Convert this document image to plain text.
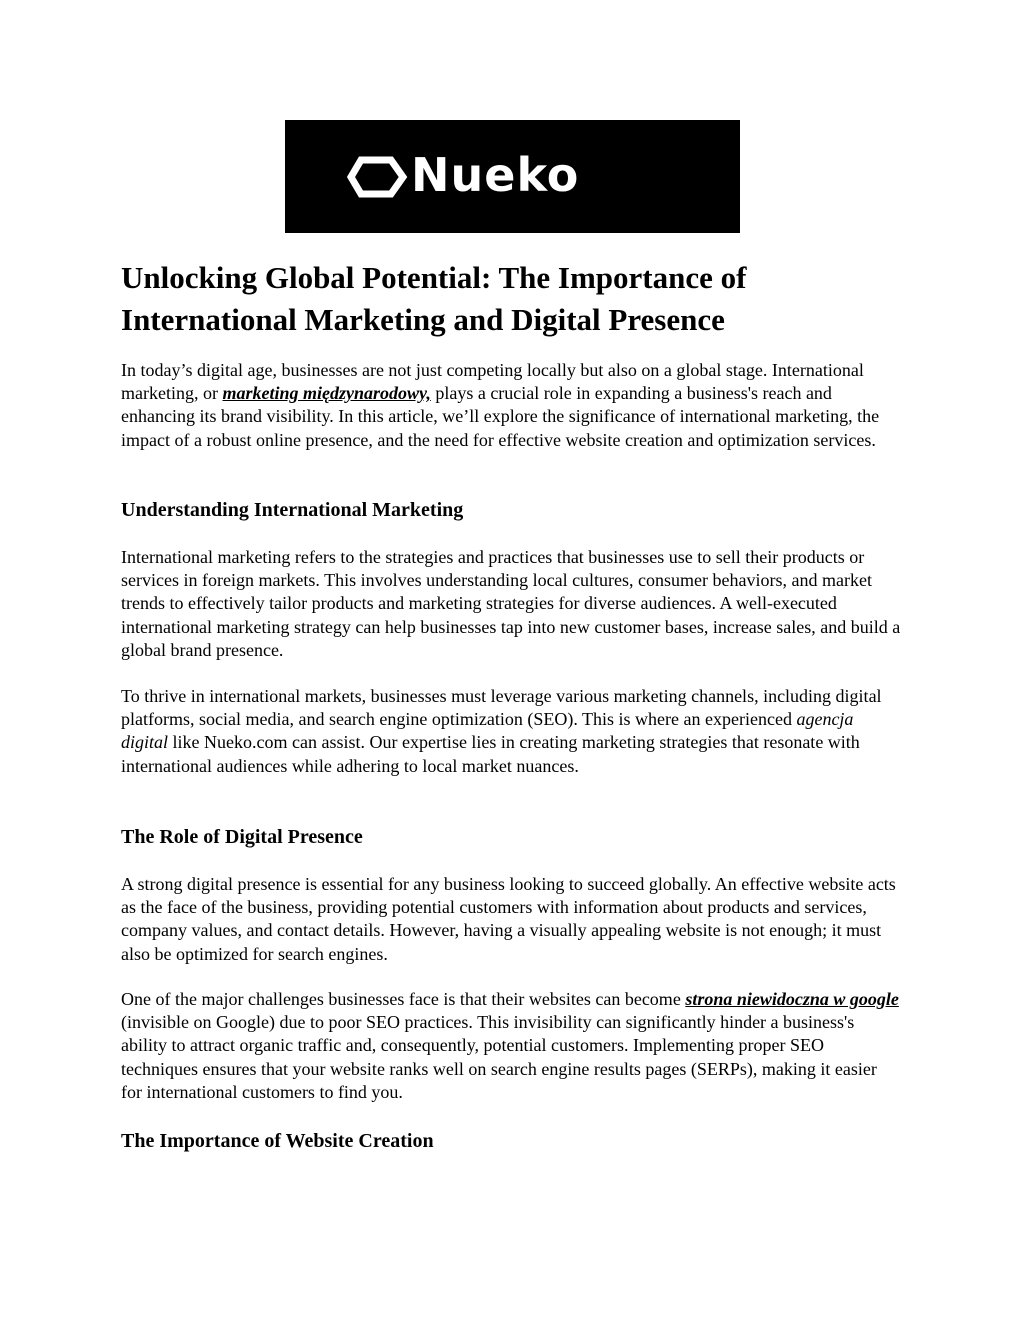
Nueko
Unlocking Global Potential: The Importance of International Marketing and Digital Presence

In today’s digital age, businesses are not just competing locally but also on a global stage. International marketing, or marketing międzynarodowy, plays a crucial role in expanding a business's reach and enhancing its brand visibility. In this article, we’ll explore the significance of international marketing, the impact of a robust online presence, and the need for effective website creation and optimization services.

Understanding International Marketing

International marketing refers to the strategies and practices that businesses use to sell their products or services in foreign markets. This involves understanding local cultures, consumer behaviors, and market trends to effectively tailor products and marketing strategies for diverse audiences. A well-executed international marketing strategy can help businesses tap into new customer bases, increase sales, and build a global brand presence.

To thrive in international markets, businesses must leverage various marketing channels, including digital platforms, social media, and search engine optimization (SEO). This is where an experienced agencja digital like Nueko.com can assist. Our expertise lies in creating marketing strategies that resonate with international audiences while adhering to local market nuances.

The Role of Digital Presence

A strong digital presence is essential for any business looking to succeed globally. An effective website acts as the face of the business, providing potential customers with information about products and services, company values, and contact details. However, having a visually appealing website is not enough; it must also be optimized for search engines.

One of the major challenges businesses face is that their websites can become strona niewidoczna w google (invisible on Google) due to poor SEO practices. This invisibility can significantly hinder a business's ability to attract organic traffic and, consequently, potential customers. Implementing proper SEO techniques ensures that your website ranks well on search engine results pages (SERPs), making it easier for international customers to find you.

The Importance of Website Creation
